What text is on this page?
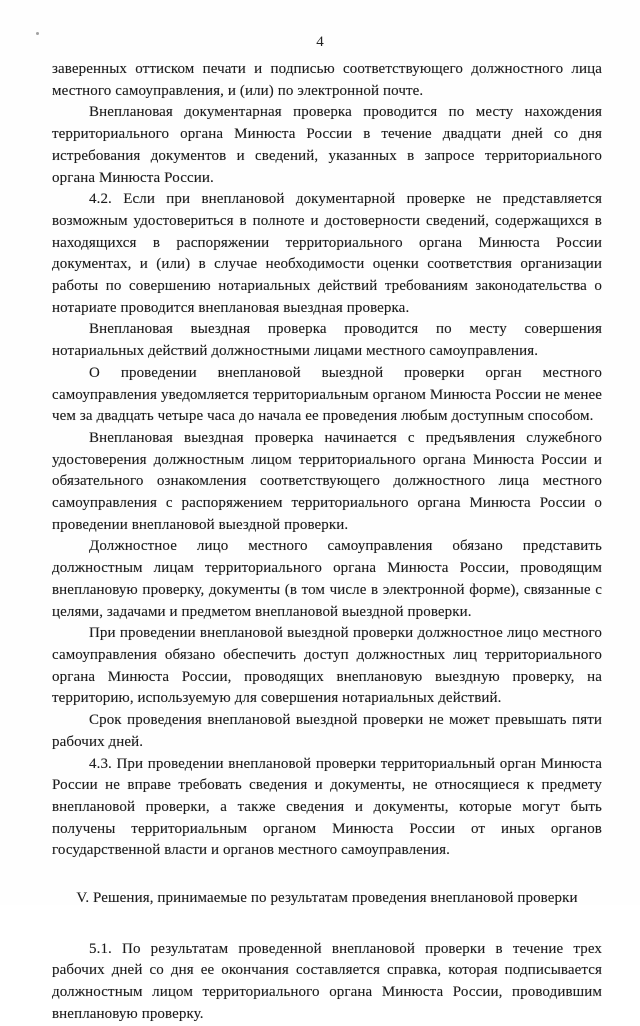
4

заверенных оттиском печати и подписью соответствующего должностного лица местного самоуправления, и (или) по электронной почте.

Внеплановая документарная проверка проводится по месту нахождения территориального органа Минюста России в течение двадцати дней со дня истребования документов и сведений, указанных в запросе территориального органа Минюста России.

4.2. Если при внеплановой документарной проверке не представляется возможным удостовериться в полноте и достоверности сведений, содержащихся в находящихся в распоряжении территориального органа Минюста России документах, и (или) в случае необходимости оценки соответствия организации работы по совершению нотариальных действий требованиям законодательства о нотариате проводится внеплановая выездная проверка.

Внеплановая выездная проверка проводится по месту совершения нотариальных действий должностными лицами местного самоуправления.

О проведении внеплановой выездной проверки орган местного самоуправления уведомляется территориальным органом Минюста России не менее чем за двадцать четыре часа до начала ее проведения любым доступным способом.

Внеплановая выездная проверка начинается с предъявления служебного удостоверения должностным лицом территориального органа Минюста России и обязательного ознакомления соответствующего должностного лица местного самоуправления с распоряжением территориального органа Минюста России о проведении внеплановой выездной проверки.

Должностное лицо местного самоуправления обязано представить должностным лицам территориального органа Минюста России, проводящим внеплановую проверку, документы (в том числе в электронной форме), связанные с целями, задачами и предметом внеплановой выездной проверки.

При проведении внеплановой выездной проверки должностное лицо местного самоуправления обязано обеспечить доступ должностных лиц территориального органа Минюста России, проводящих внеплановую выездную проверку, на территорию, используемую для совершения нотариальных действий.

Срок проведения внеплановой выездной проверки не может превышать пяти рабочих дней.

4.3. При проведении внеплановой проверки территориальный орган Минюста России не вправе требовать сведения и документы, не относящиеся к предмету внеплановой проверки, а также сведения и документы, которые могут быть получены территориальным органом Минюста России от иных органов государственной власти и органов местного самоуправления.

V. Решения, принимаемые по результатам проведения внеплановой проверки

5.1. По результатам проведенной внеплановой проверки в течение трех рабочих дней со дня ее окончания составляется справка, которая подписывается должностным лицом территориального органа Минюста России, проводившим внеплановую проверку.
